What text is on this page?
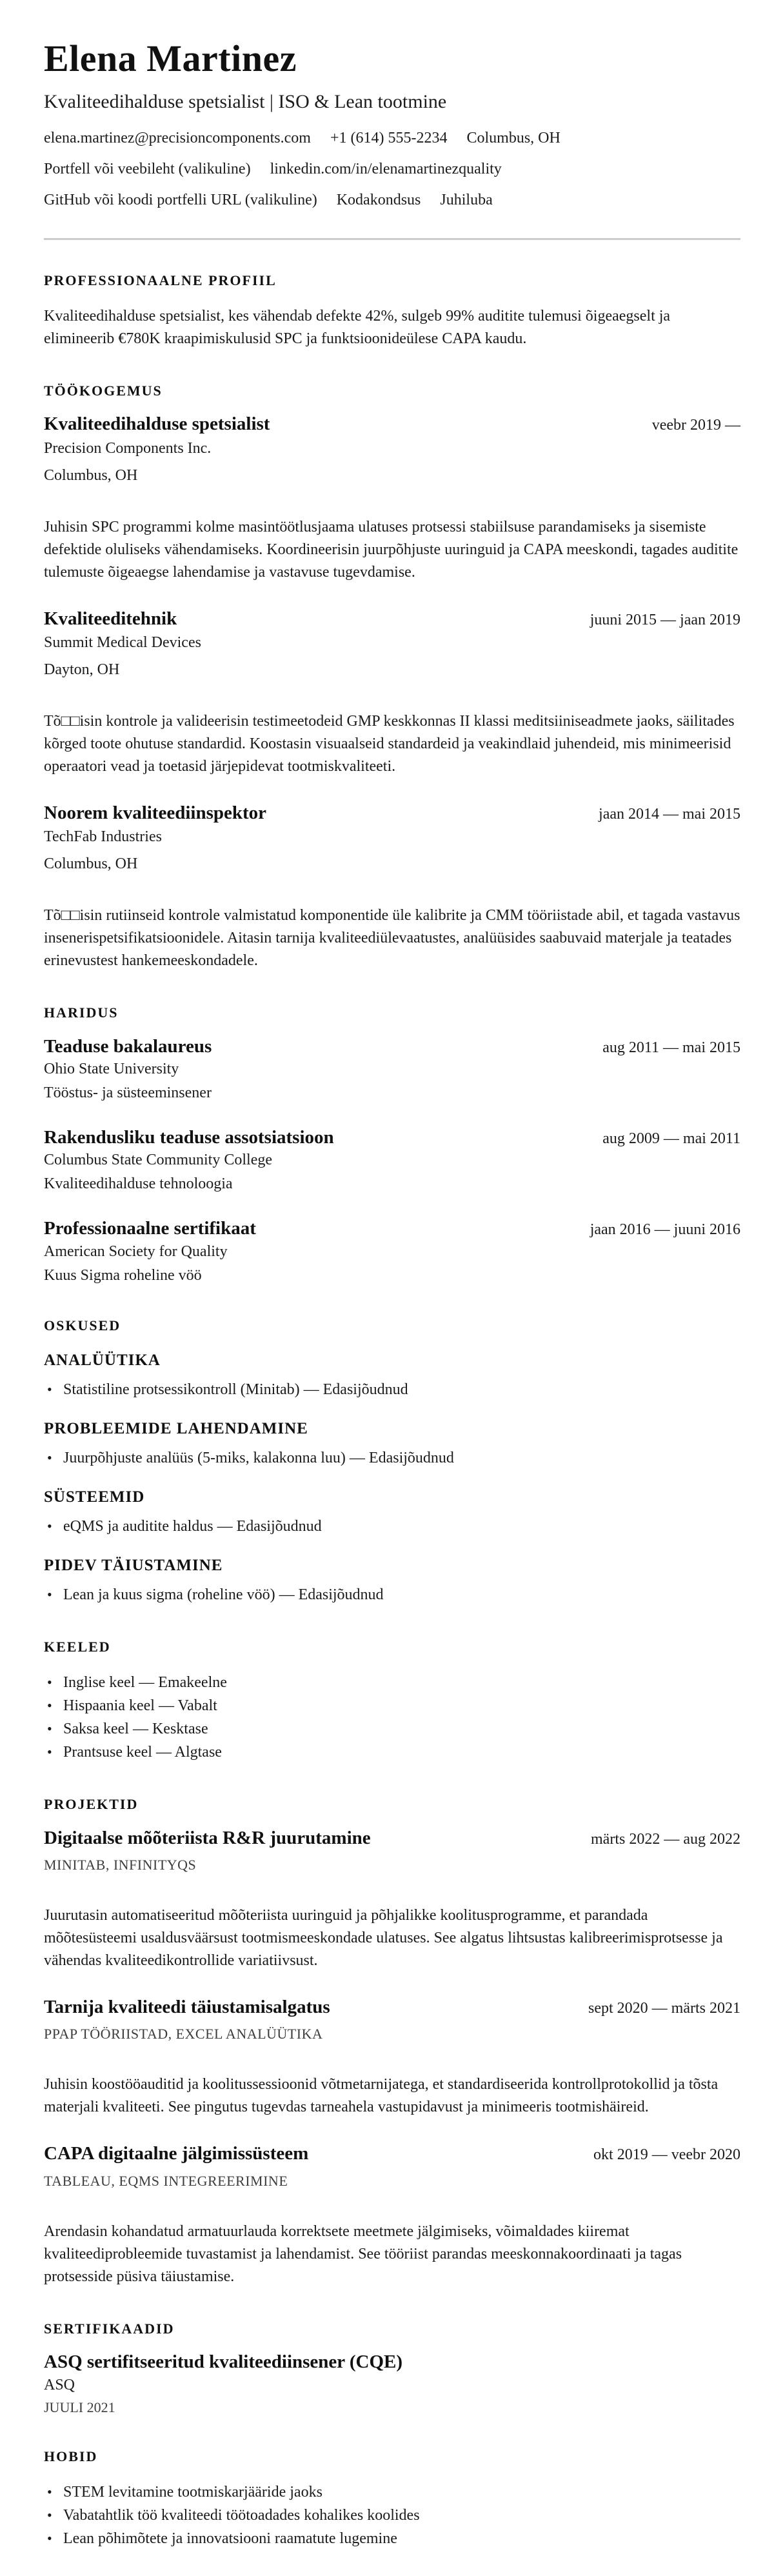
Elena Martinez
Kvaliteedihalduse spetsialist | ISO & Lean tootmine
elena.martinez@precisioncomponents.com +1 (614) 555-2234 Columbus, OH
Portfell või veebileht (valikuline) linkedin.com/in/elenamartinezquality
GitHub või koodi portfelli URL (valikuline) Kodakondsus Juhiluba
PROFESSIONAALNE PROFIIL

Kvaliteedihalduse spetsialist, kes vähendab defekte 42%, sulgeb 99% auditite tulemusi õigeaegselt ja elimineerib €780K kraapimiskulusid SPC ja funktsioonideülese CAPA kaudu.

TÖÖKOGEMUS
Kvaliteedihalduse spetsialist	veebr 2019 —
Precision Components Inc.
Columbus, OH

Juhisin SPC programmi kolme masintöötlusjaama ulatuses protsessi stabiilsuse parandamiseks ja sisemiste defektide oluliseks vähendamiseks. Koordineerisin juurpõhjuste uuringuid ja CAPA meeskondi, tagades auditite tulemuste õigeaegse lahendamise ja vastavuse tugevdamise.

Kvaliteeditehnik	juuni 2015 — jaan 2019
Summit Medical Devices
Dayton, OH

Tõ□□isin kontrole ja valideerisin testimeetodeid GMP keskkonnas II klassi meditsiiniseadmete jaoks, säilitades kõrged toote ohutuse standardid. Koostasin visuaalseid standardeid ja veakindlaid juhendeid, mis minimeerisid operaatori vead ja toetasid järjepidevat tootmiskvaliteeti.

Noorem kvaliteediinspektor	jaan 2014 — mai 2015
TechFab Industries
Columbus, OH

Tõ□□isin rutiinseid kontrole valmistatud komponentide üle kalibrite ja CMM tööriistade abil, et tagada vastavus insenerispetsifikatsioonidele. Aitasin tarnija kvaliteediülevaatustes, analüüsides saabuvaid materjale ja teatades erinevustest hankemeeskondadele.

HARIDUS
Teaduse bakalaureus	aug 2011 — mai 2015
Ohio State University
Tööstus- ja süsteeminsener
Rakendusliku teaduse assotsiatsioon	aug 2009 — mai 2011
Columbus State Community College
Kvaliteedihalduse tehnoloogia
Professionaalne sertifikaat	jaan 2016 — juuni 2016
American Society for Quality
Kuus Sigma roheline vöö
OSKUSED
ANALÜÜTIKA
• Statistiline protsessikontroll (Minitab) — Edasijõudnud
PROBLEEMIDE LAHENDAMINE
• Juurpõhjuste analüüs (5-miks, kalakonna luu) — Edasijõudnud
SÜSTEEMID
• eQMS ja auditite haldus — Edasijõudnud
PIDEV TÄIUSTAMINE
• Lean ja kuus sigma (roheline vöö) — Edasijõudnud
KEELED
• Inglise keel — Emakeelne
• Hispaania keel — Vabalt
• Saksa keel — Kesktase
• Prantsuse keel — Algtase
PROJEKTID
Digitaalse mõõteriista R&R juurutamine	märts 2022 — aug 2022
MINITAB, INFINITYQS

Juurutasin automatiseeritud mõõteriista uuringuid ja põhjalikke koolitusprogramme, et parandada mõõtesüsteemi usaldusväärsust tootmismeeskondade ulatuses. See algatus lihtsustas kalibreerimisprotsesse ja vähendas kvaliteedikontrollide variatiivsust.

Tarnija kvaliteedi täiustamisalgatus	sept 2020 — märts 2021
PPAP TÖÖRIISTAD, EXCEL ANALÜÜTIKA

Juhisin koostööauditid ja koolitussessioonid võtmetarnijatega, et standardiseerida kontrollprotokollid ja tõsta materjali kvaliteeti. See pingutus tugevdas tarneahela vastupidavust ja minimeeris tootmishäireid.

CAPA digitaalne jälgimissüsteem	okt 2019 — veebr 2020
TABLEAU, EQMS INTEGREERIMINE

Arendasin kohandatud armatuurlauda korrektsete meetmete jälgimiseks, võimaldades kiiremat kvaliteediprobleemide tuvastamist ja lahendamist. See tööriist parandas meeskonnakoordinaati ja tagas protsesside püsiva täiustamise.

SERTIFIKAADID
ASQ sertifitseeritud kvaliteediinsener (CQE)
ASQ
JUULI 2021
HOBID
• STEM levitamine tootmiskarjääride jaoks
• Vabatahtlik töö kvaliteedi töötoadades kohalikes koolides
• Lean põhimõtete ja innovatsiooni raamatute lugemine
